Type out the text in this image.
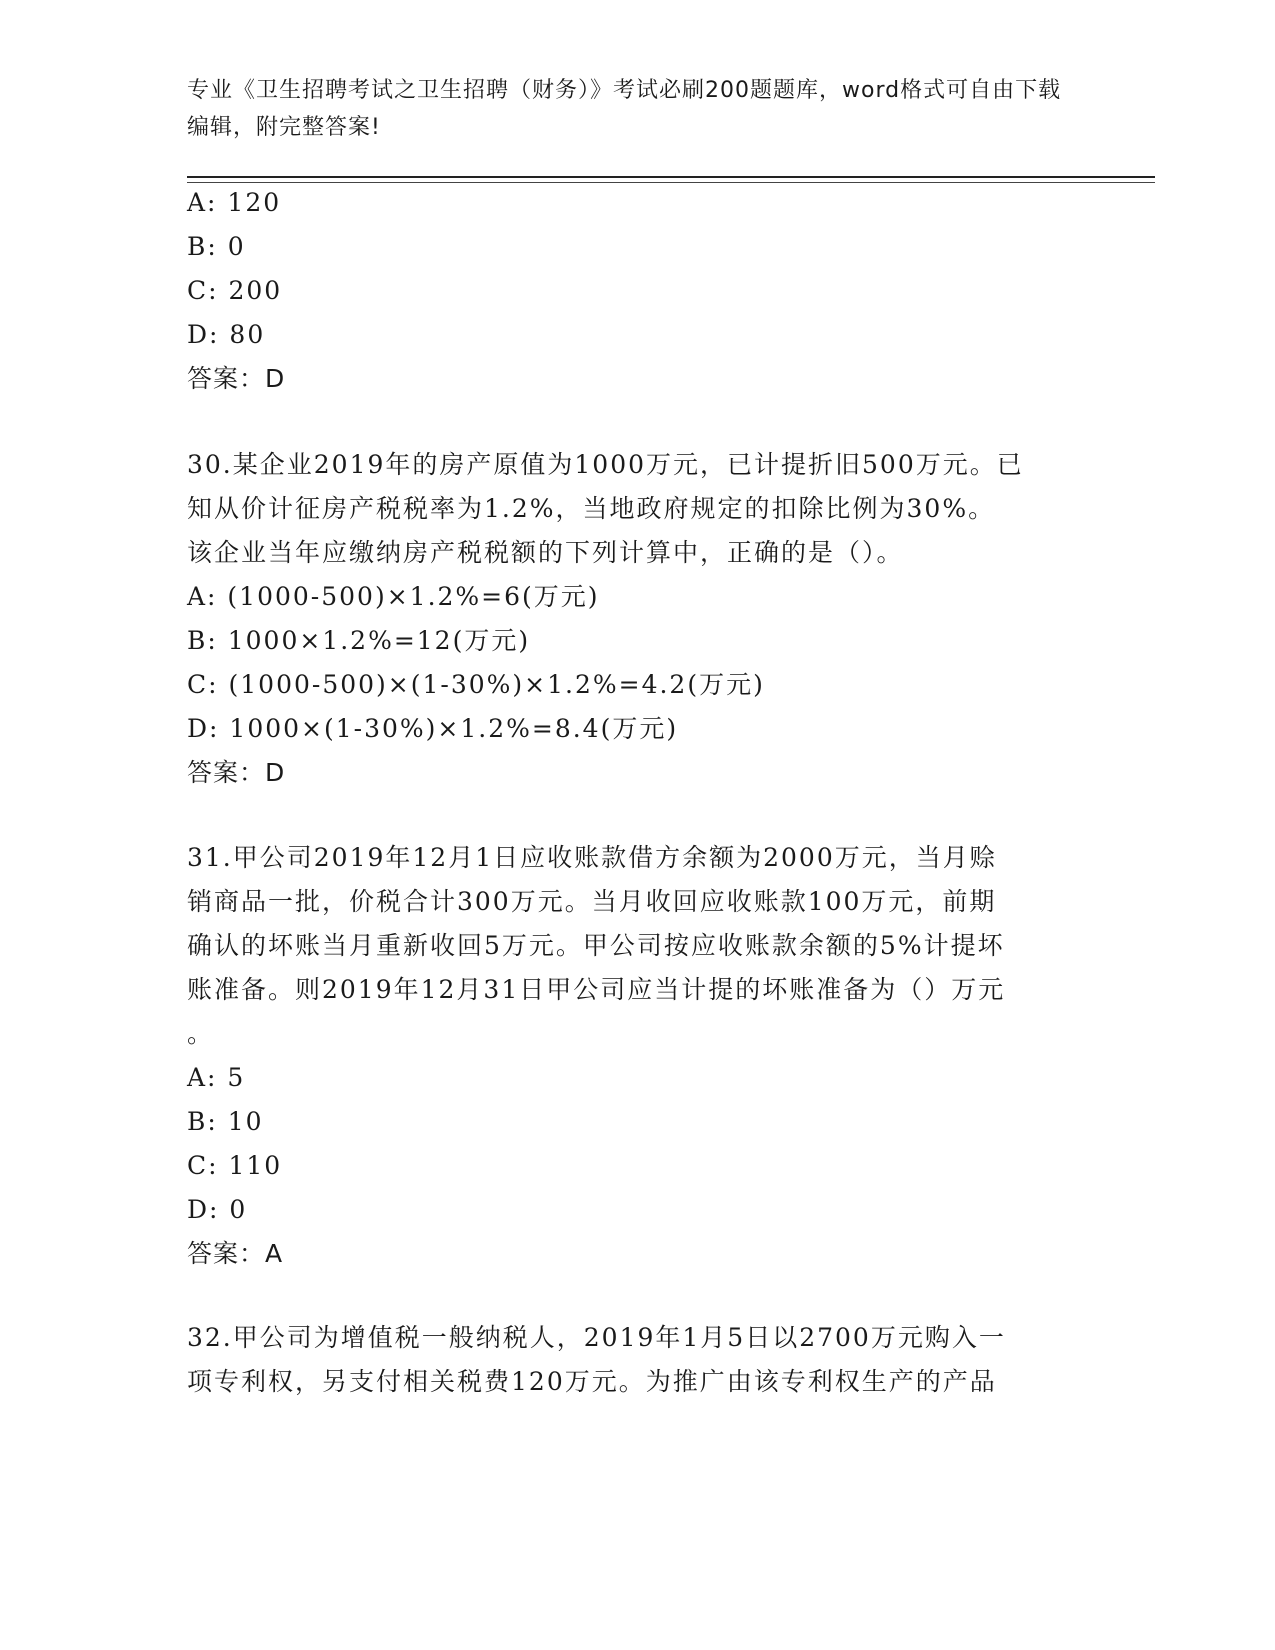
专业《卫生招聘考试之卫生招聘（财务）》考试必刷200题题库，word格式可自由下载编辑，附完整答案!
A: 120
B: 0
C: 200
D: 80
答案：D
30.某企业2019年的房产原值为1000万元，已计提折旧500万元。已
知从价计征房产税税率为1.2%，当地政府规定的扣除比例为30%。
该企业当年应缴纳房产税税额的下列计算中，正确的是（）。
A: (1000-500)×1.2%=6(万元)
B: 1000×1.2%=12(万元)
C: (1000-500)×(1-30%)×1.2%=4.2(万元)
D: 1000×(1-30%)×1.2%=8.4(万元)
答案：D
31.甲公司2019年12月1日应收账款借方余额为2000万元，当月赊
销商品一批，价税合计300万元。当月收回应收账款100万元，前期
确认的坏账当月重新收回5万元。甲公司按应收账款余额的5%计提坏
账准备。则2019年12月31日甲公司应当计提的坏账准备为（）万元
。
A: 5
B: 10
C: 110
D: 0
答案：A
32.甲公司为增值税一般纳税人，2019年1月5日以2700万元购入一
项专利权，另支付相关税费120万元。为推广由该专利权生产的产品
